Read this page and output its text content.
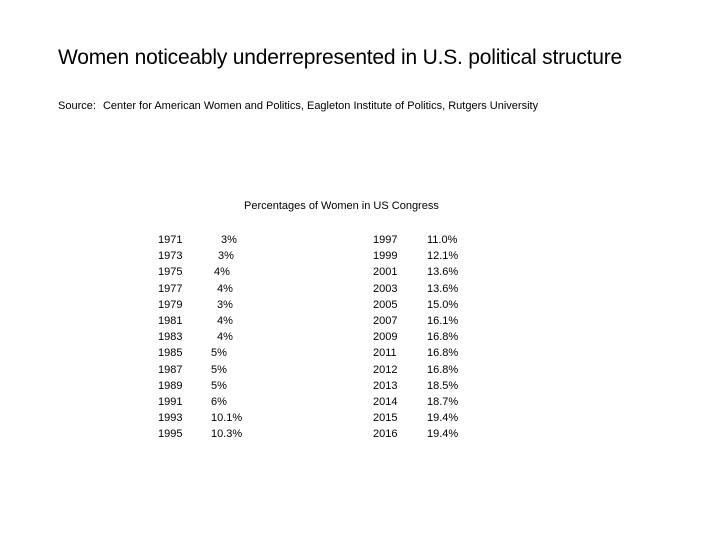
Women noticeably underrepresented in U.S. political structure
Source: Center for American Women and Politics, Eagleton Institute of Politics, Rutgers University
Percentages of Women in US Congress
1971
1973
1975
1977
1979
1981
1983
1985
1987
1989
1991
1993
1995
3%
3%
4%
4%
3%
4%
4%
5%
5%
5%
6%
10.1%
10.3%
1997
1999
2001
2003
2005
2007
2009
2011
2012
2013
2014
2015
2016
11.0%
12.1%
13.6%
13.6%
15.0%
16.1%
16.8%
16.8%
16.8%
18.5%
18.7%
19.4%
19.4%
